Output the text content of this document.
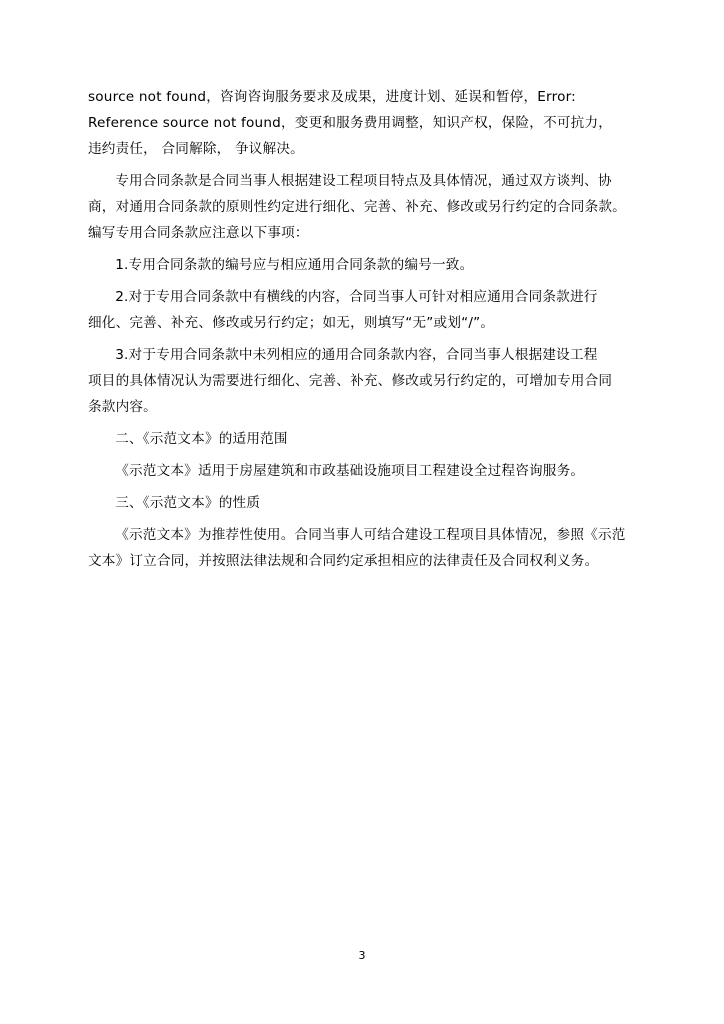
source not found，咨询咨询服务要求及成果，进度计划、延误和暂停，Error:
Reference source not found，变更和服务费用调整，知识产权，保险，不可抗力，
违约责任， 合同解除， 争议解决。

专用合同条款是合同当事人根据建设工程项目特点及具体情况，通过双方谈判、协
商，对通用合同条款的原则性约定进行细化、完善、补充、修改或另行约定的合同条款。
编写专用合同条款应注意以下事项：

1.专用合同条款的编号应与相应通用合同条款的编号一致。

2.对于专用合同条款中有横线的内容，合同当事人可针对相应通用合同条款进行
细化、完善、补充、修改或另行约定；如无，则填写“无”或划“/”。

3.对于专用合同条款中未列相应的通用合同条款内容，合同当事人根据建设工程
项目的具体情况认为需要进行细化、完善、补充、修改或另行约定的，可增加专用合同
条款内容。

二、《示范文本》的适用范围

《示范文本》适用于房屋建筑和市政基础设施项目工程建设全过程咨询服务。

三、《示范文本》的性质

《示范文本》为推荐性使用。合同当事人可结合建设工程项目具体情况，参照《示范
文本》订立合同，并按照法律法规和合同约定承担相应的法律责任及合同权利义务。

3
